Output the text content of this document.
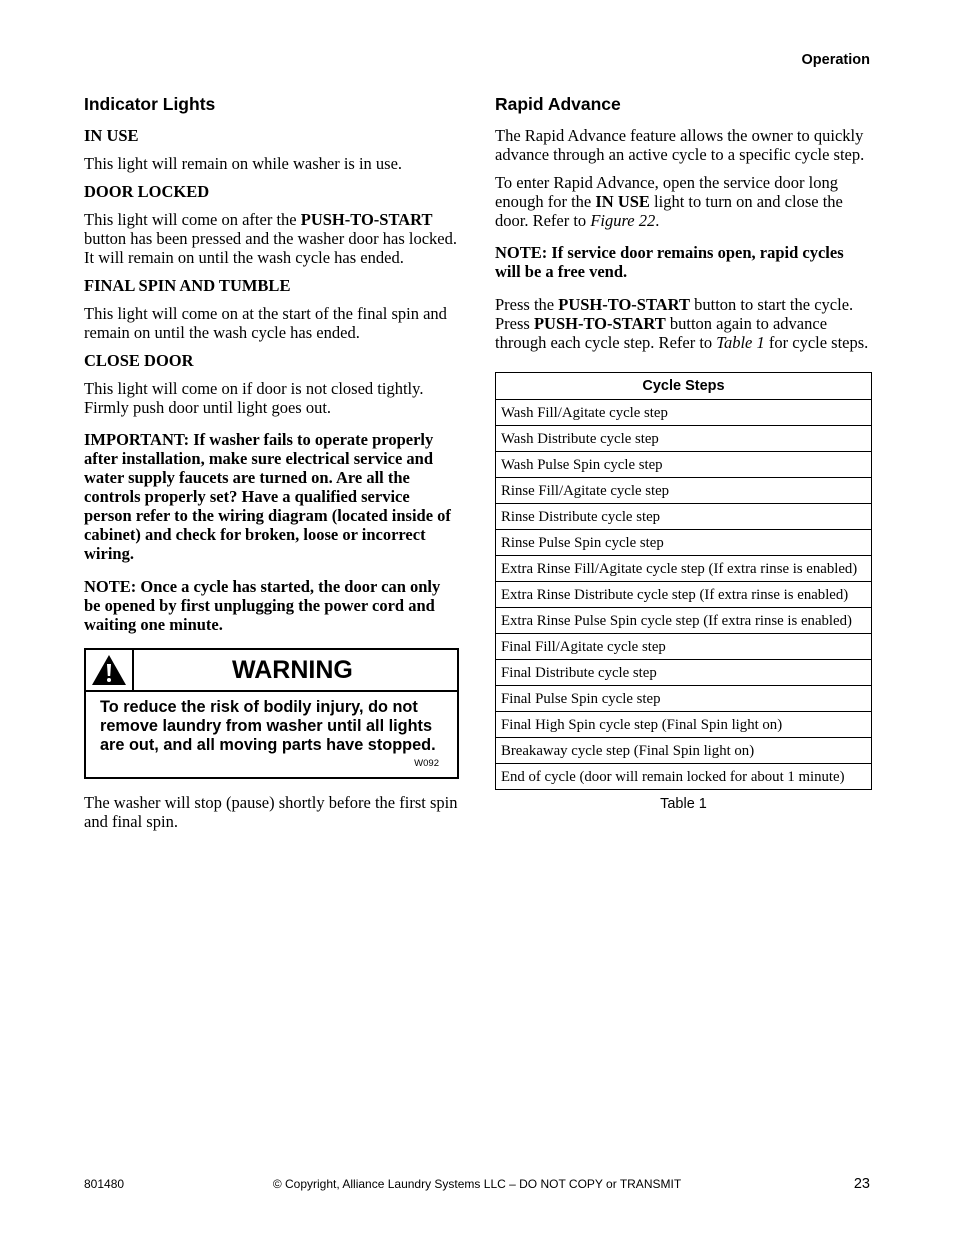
Operation
Indicator Lights
IN USE

This light will remain on while washer is in use.

DOOR LOCKED

This light will come on after the PUSH-TO-START button has been pressed and the washer door has locked. It will remain on until the wash cycle has ended.

FINAL SPIN AND TUMBLE

This light will come on at the start of the final spin and remain on until the wash cycle has ended.

CLOSE DOOR

This light will come on if door is not closed tightly. Firmly push door until light goes out.

IMPORTANT: If washer fails to operate properly after installation, make sure electrical service and water supply faucets are turned on. Are all the controls properly set? Have a qualified service person refer to the wiring diagram (located inside of cabinet) and check for broken, loose or incorrect wiring.

NOTE: Once a cycle has started, the door can only be opened by first unplugging the power cord and waiting one minute.

WARNING
To reduce the risk of bodily injury, do not remove laundry from washer until all lights are out, and all moving parts have stopped.
W092

The washer will stop (pause) shortly before the first spin and final spin.

Rapid Advance

The Rapid Advance feature allows the owner to quickly advance through an active cycle to a specific cycle step.

To enter Rapid Advance, open the service door long enough for the IN USE light to turn on and close the door. Refer to Figure 22.

NOTE: If service door remains open, rapid cycles will be a free vend.

Press the PUSH-TO-START button to start the cycle. Press PUSH-TO-START button again to advance through each cycle step. Refer to Table 1 for cycle steps.

Cycle Steps
Wash Fill/Agitate cycle step
Wash Distribute cycle step
Wash Pulse Spin cycle step
Rinse Fill/Agitate cycle step
Rinse Distribute cycle step
Rinse Pulse Spin cycle step
Extra Rinse Fill/Agitate cycle step (If extra rinse is enabled)
Extra Rinse Distribute cycle step (If extra rinse is enabled)
Extra Rinse Pulse Spin cycle step (If extra rinse is enabled)
Final Fill/Agitate cycle step
Final Distribute cycle step
Final Pulse Spin cycle step
Final High Spin cycle step (Final Spin light on)
Breakaway cycle step (Final Spin light on)
End of cycle (door will remain locked for about 1 minute)
Table 1
801480	© Copyright, Alliance Laundry Systems LLC – DO NOT COPY or TRANSMIT	23
